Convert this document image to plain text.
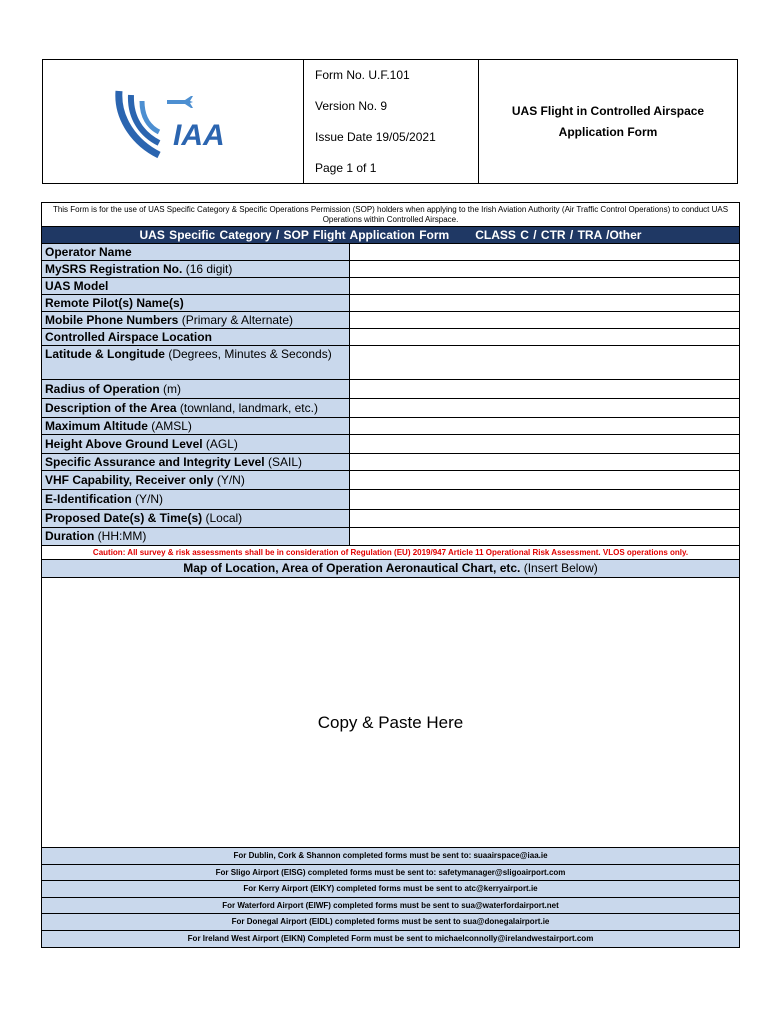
IAA
Form No. U.F.101
Version No. 9
Issue Date 19/05/2021
Page 1 of 1
UAS Flight in Controlled Airspace
Application Form
This Form is for the use of UAS Specific Category & Specific Operations Permission (SOP) holders when applying to the Irish Aviation Authority (Air Traffic Control Operations) to conduct UAS Operations within Controlled Airspace.
UAS Specific Category / SOP Flight Application Form CLASS C / CTR / TRA /Other
Operator Name
MySRS Registration No. (16 digit)
UAS Model
Remote Pilot(s) Name(s)
Mobile Phone Numbers (Primary & Alternate)
Controlled Airspace Location
Latitude & Longitude (Degrees, Minutes & Seconds)
Radius of Operation (m)
Description of the Area (townland, landmark, etc.)
Maximum Altitude (AMSL)
Height Above Ground Level (AGL)
Specific Assurance and Integrity Level (SAIL)
VHF Capability, Receiver only (Y/N)
E-Identification (Y/N)
Proposed Date(s) & Time(s) (Local)
Duration (HH:MM)
Caution: All survey & risk assessments shall be in consideration of Regulation (EU) 2019/947 Article 11 Operational Risk Assessment. VLOS operations only.
Map of Location, Area of Operation Aeronautical Chart, etc. (Insert Below)
Copy & Paste Here
For Dublin, Cork & Shannon completed forms must be sent to: suaairspace@iaa.ie
For Sligo Airport (EISG) completed forms must be sent to: safetymanager@sligoairport.com
For Kerry Airport (EIKY) completed forms must be sent to atc@kerryairport.ie
For Waterford Airport (EIWF) completed forms must be sent to sua@waterfordairport.net
For Donegal Airport (EIDL) completed forms must be sent to sua@donegalairport.ie
For Ireland West Airport (EIKN) Completed Form must be sent to michaelconnolly@irelandwestairport.com
